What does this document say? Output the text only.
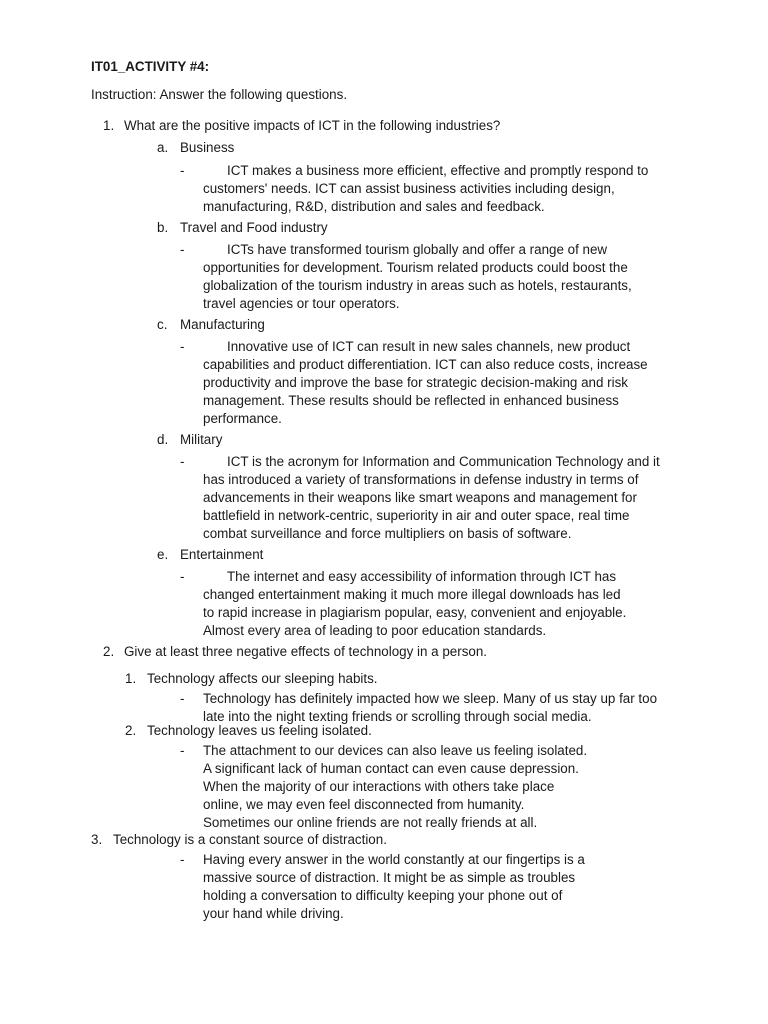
IT01_ACTIVITY #4:

Instruction: Answer the following questions.

1. What are the positive impacts of ICT in the following industries?
a. Business
-	ICT makes a business more efficient, effective and promptly respond to
customers' needs. ICT can assist business activities including design,
manufacturing, R&D, distribution and sales and feedback.
b. Travel and Food industry
-	ICTs have transformed tourism globally and offer a range of new
opportunities for development. Tourism related products could boost the
globalization of the tourism industry in areas such as hotels, restaurants,
travel agencies or tour operators.
c. Manufacturing
-	Innovative use of ICT can result in new sales channels, new product
capabilities and product differentiation. ICT can also reduce costs, increase
productivity and improve the base for strategic decision-making and risk
management. These results should be reflected in enhanced business
performance.
d. Military
-	ICT is the acronym for Information and Communication Technology and it
has introduced a variety of transformations in defense industry in terms of
advancements in their weapons like smart weapons and management for
battlefield in network-centric, superiority in air and outer space, real time
combat surveillance and force multipliers on basis of software.
e. Entertainment
-	The internet and easy accessibility of information through ICT has
changed entertainment making it much more illegal downloads has led
to rapid increase in plagiarism popular, easy, convenient and enjoyable.
Almost every area of leading to poor education standards.
2. Give at least three negative effects of technology in a person.
1. Technology affects our sleeping habits.
- Technology has definitely impacted how we sleep. Many of us stay up far too
late into the night texting friends or scrolling through social media.
2. Technology leaves us feeling isolated.
- The attachment to our devices can also leave us feeling isolated.
A significant lack of human contact can even cause depression.
When the majority of our interactions with others take place
online, we may even feel disconnected from humanity.
Sometimes our online friends are not really friends at all.
3. Technology is a constant source of distraction.
- Having every answer in the world constantly at our fingertips is a
massive source of distraction. It might be as simple as troubles
holding a conversation to difficulty keeping your phone out of
your hand while driving.
